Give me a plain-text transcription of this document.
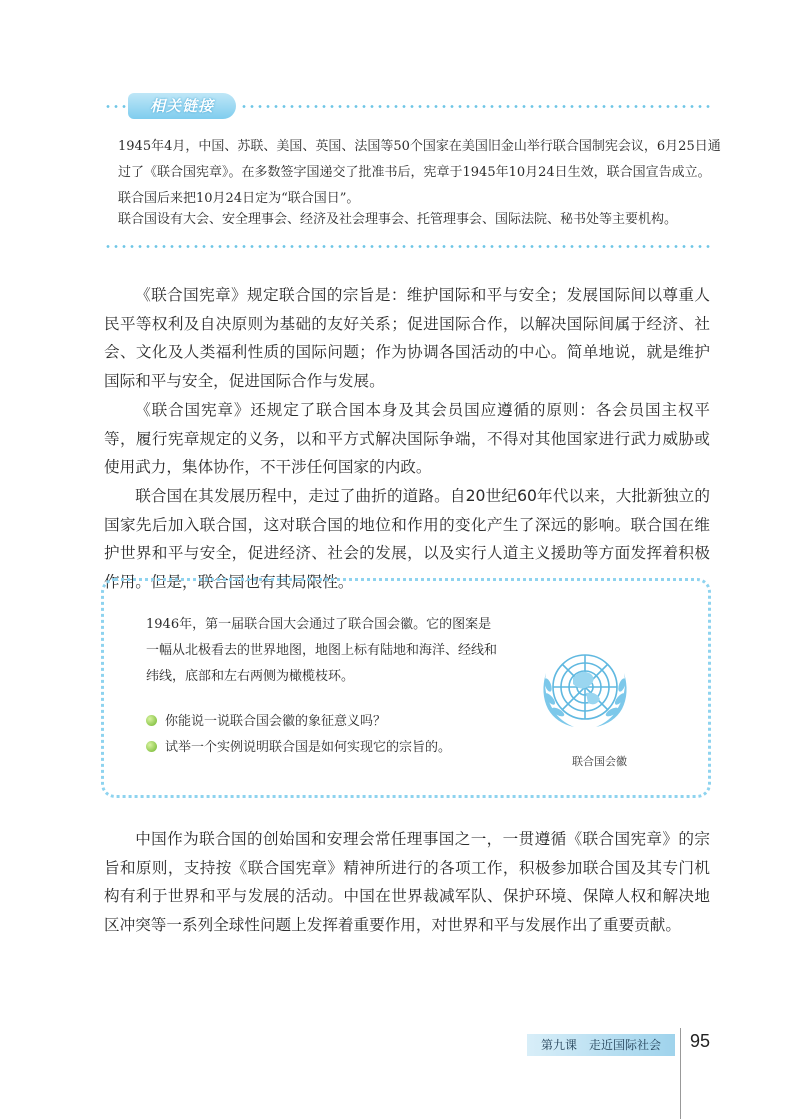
相关链接

1945年4月，中国、苏联、美国、英国、法国等50个国家在美国旧金山举行联合国制宪会议，6月25日通过了《联合国宪章》。在多数签字国递交了批准书后，宪章于1945年10月24日生效，联合国宣告成立。联合国后来把10月24日定为“联合国日”。

联合国设有大会、安全理事会、经济及社会理事会、托管理事会、国际法院、秘书处等主要机构。

《联合国宪章》规定联合国的宗旨是：维护国际和平与安全；发展国际间以尊重人民平等权利及自决原则为基础的友好关系；促进国际合作，以解决国际间属于经济、社会、文化及人类福利性质的国际问题；作为协调各国活动的中心。简单地说，就是维护国际和平与安全，促进国际合作与发展。

《联合国宪章》还规定了联合国本身及其会员国应遵循的原则：各会员国主权平等，履行宪章规定的义务，以和平方式解决国际争端，不得对其他国家进行武力威胁或使用武力，集体协作，不干涉任何国家的内政。

联合国在其发展历程中，走过了曲折的道路。自20世纪60年代以来，大批新独立的国家先后加入联合国，这对联合国的地位和作用的变化产生了深远的影响。联合国在维护世界和平与安全，促进经济、社会的发展，以及实行人道主义援助等方面发挥着积极作用。但是，联合国也有其局限性。

1946年，第一届联合国大会通过了联合国会徽。它的图案是一幅从北极看去的世界地图，地图上标有陆地和海洋、经线和纬线，底部和左右两侧为橄榄枝环。

你能说一说联合国会徽的象征意义吗？
试举一个实例说明联合国是如何实现它的宗旨的。
联合国会徽

中国作为联合国的创始国和安理会常任理事国之一，一贯遵循《联合国宪章》的宗旨和原则，支持按《联合国宪章》精神所进行的各项工作，积极参加联合国及其专门机构有利于世界和平与发展的活动。中国在世界裁减军队、保护环境、保障人权和解决地区冲突等一系列全球性问题上发挥着重要作用，对世界和平与发展作出了重要贡献。

第九课　走近国际社会	95
